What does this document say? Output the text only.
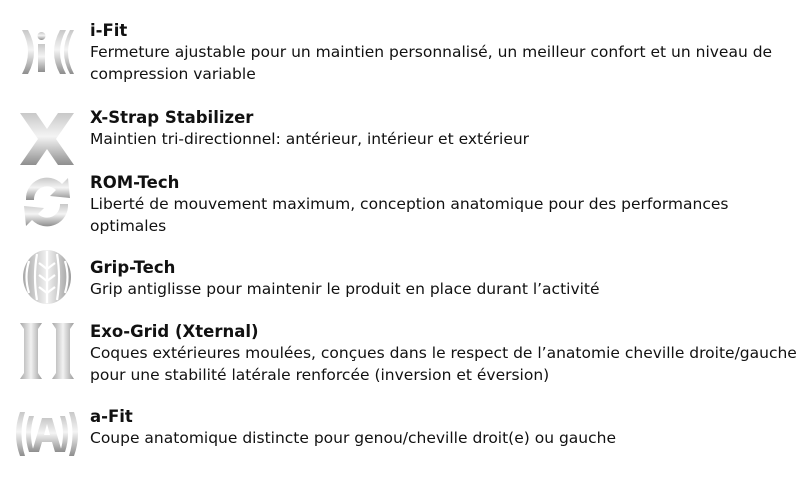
i-Fit

Fermeture ajustable pour un maintien personnalisé, un meilleur confort et un niveau de compression variable

X-Strap Stabilizer

Maintien tri-directionnel: antérieur, intérieur et extérieur

ROM-Tech

Liberté de mouvement maximum, conception anatomique pour des performances optimales

Grip-Tech

Grip antiglisse pour maintenir le produit en place durant l’activité

Exo-Grid (Xternal)

Coques extérieures moulées, conçues dans le respect de l’anatomie cheville droite/gauche pour une stabilité latérale renforcée (inversion et éversion)

a-Fit

Coupe anatomique distincte pour genou/cheville droit(e) ou gauche
